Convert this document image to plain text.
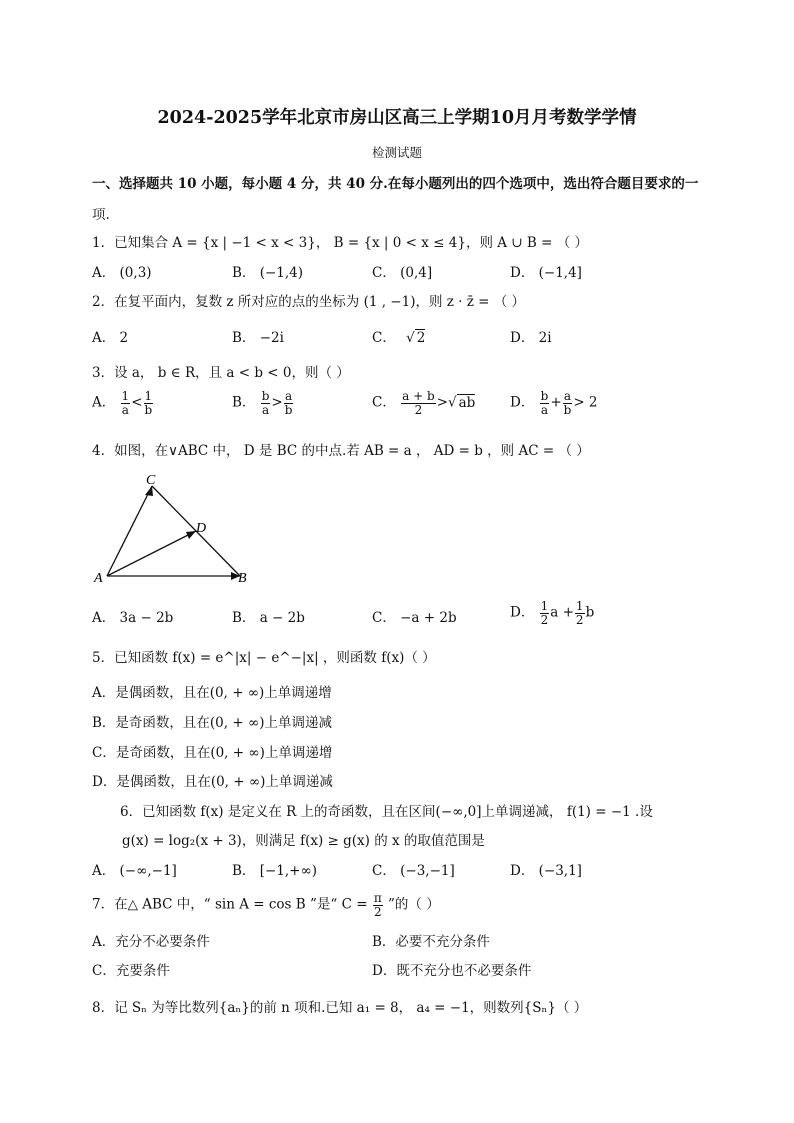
2024-2025学年北京市房山区高三上学期10月月考数学学情
检测试题
一、选择题共 10 小题，每小题 4 分，共 40 分.在每小题列出的四个选项中，选出符合题目要求的一
项.
1．已知集合 A = {x | −1 < x < 3}， B = {x | 0 < x ≤ 4}，则 A ∪ B = （ ）
A． (0,3)	B． (−1,4)	C． (0,4]	D． (−1,4]
2．在复平面内，复数 z 所对应的点的坐标为 (1 , −1)，则 z · z̄ = （ ）
A． 2	B． −2i	C． √ 2	D． 2i
3．设 a， b ∈ R，且 a < b < 0，则（ ）
A． $\frac{1}{a} < \frac{1}{b}$	B． $\frac{b}{a} > \frac{a}{b}$	C． $\frac{a + b}{2}$ >√ ab	D． $\frac{b}{a} + \frac{a}{b} > 2$
4．如图，在∨ABC 中， D 是 BC 的中点.若 AB = a ， AD = b ，则 AC = （ ）
A	B
C
D
A． 3a − 2b	B． a − 2b	C． −a + 2b	D． $\frac{1}{2}$ $a + \frac{1}{2}$ b
5．已知函数 f(x) = e^|x| − e^−|x| ，则函数 f(x)（ ）
A．是偶函数，且在(0, + ∞)上单调递增
B．是奇函数，且在(0, + ∞)上单调递减
C．是奇函数，且在(0, + ∞)上单调递增
D．是偶函数，且在(0, + ∞)上单调递减
6．已知函数 f(x) 是定义在 R 上的奇函数，且在区间(−∞,0]上单调递减， f(1) = −1 .设
g(x) = log₂(x + 3)，则满足 f(x) ≥ g(x) 的 x 的取值范围是
A． (−∞,−1]	B． [−1,+∞)	C． (−3,−1]	D． (−3,1]
7．在△ ABC 中，“ sin A = cos B ”是“ $C = \frac{\pi}{2}$ ”的（ ）
A．充分不必要条件	B．必要不充分条件
C．充要条件	D．既不充分也不必要条件
8．记 Sₙ 为等比数列{aₙ}的前 n 项和.已知 a₁ = 8， a₄ = −1，则数列{Sₙ}（ ）
